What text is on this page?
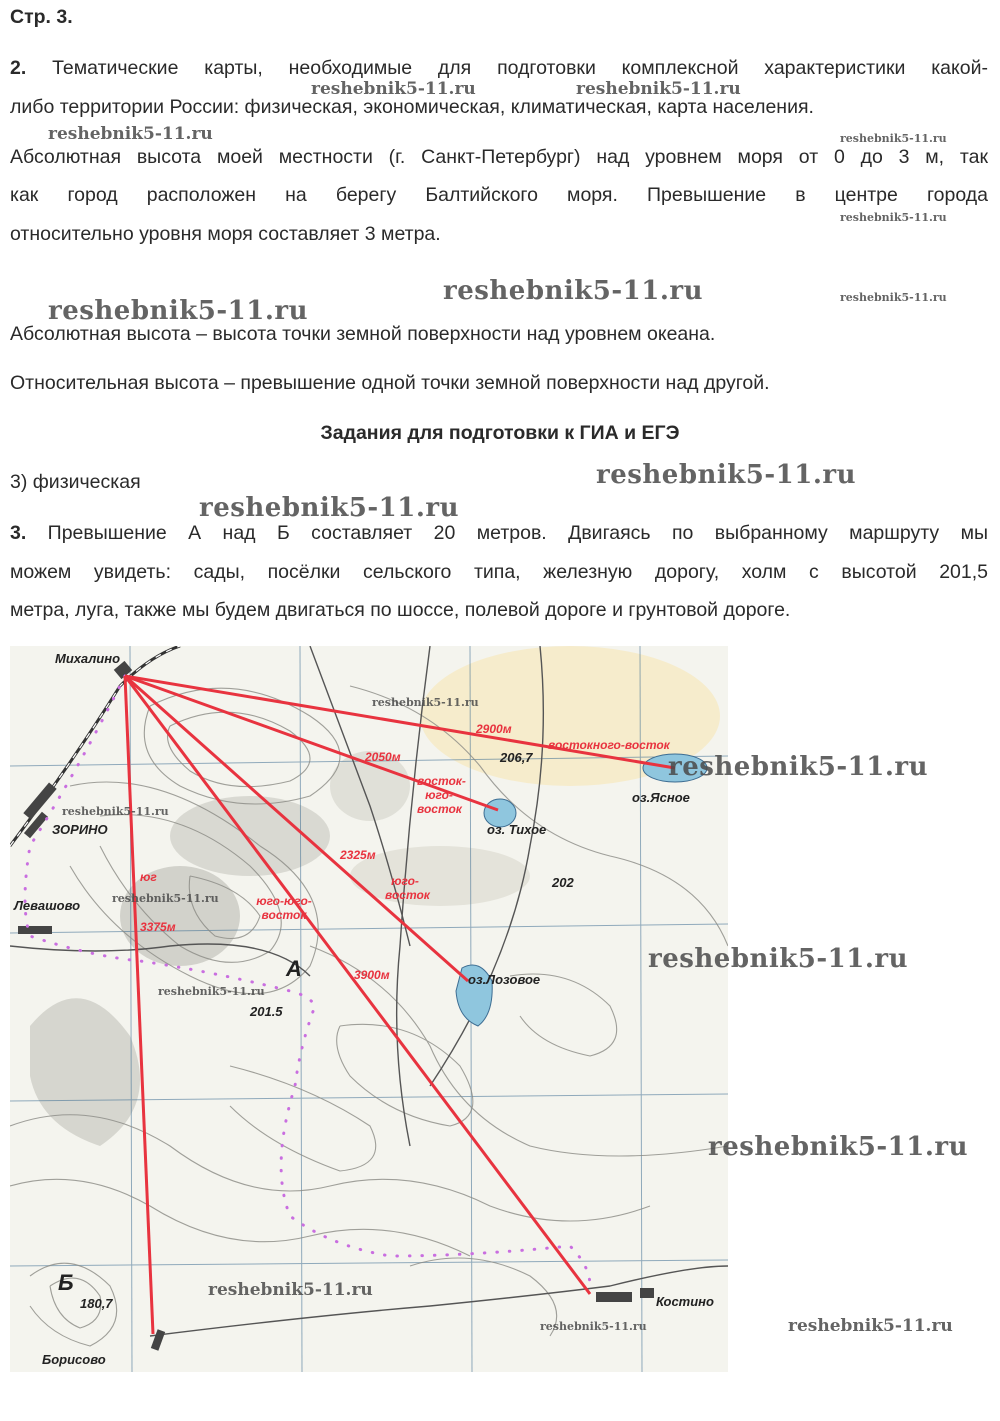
Стр. 3.

2. Тематические карты, необходимые для подготовки комплексной характеристики какой-

либо территории России: физическая, экономическая, климатическая, карта населения.

Абсолютная высота моей местности (г. Санкт-Петербург) над уровнем моря от 0 до 3 м, так

как город расположен на берегу Балтийского моря. Превышение в центре города

относительно уровня моря составляет 3 метра.

Абсолютная высота – высота точки земной поверхности над уровнем океана.

Относительная высота – превышение одной точки земной поверхности над другой.

Задания для подготовки к ГИА и ЕГЭ

3) физическая

3. Превышение А над Б составляет 20 метров. Двигаясь по выбранному маршруту мы

можем увидеть: сады, посёлки сельского типа, железную дорогу, холм с высотой 201,5

метра, луга, также мы будем двигаться по шоссе, полевой дороге и грунтовой дороге.

Михалино
ЗОРИНО
Левашово
Борисово
Костино
оз. Тихое
оз.Ясное
оз.Лозовое
А
Б
201.5
180,7
206,7
202
2900м
востокного-восток
2050м
восток-юго-восток
2325м
юго-восток
3375м
юг
юго-юго-восток
3900м
reshebnik5-11.ru	reshebnik5-11.ru
reshebnik5-11.ru	reshebnik5-11.ru
reshebnik5-11.ru
reshebnik5-11.ru
reshebnik5-11.ru	reshebnik5-11.ru
reshebnik5-11.ru
reshebnik5-11.ru
reshebnik5-11.ru
reshebnik5-11.ru
reshebnik5-11.ru
reshebnik5-11.ru
reshebnik5-11.ru
reshebnik5-11.ru
reshebnik5-11.ru
reshebnik5-11.ru
reshebnik5-11.ru
reshebnik5-11.ru
